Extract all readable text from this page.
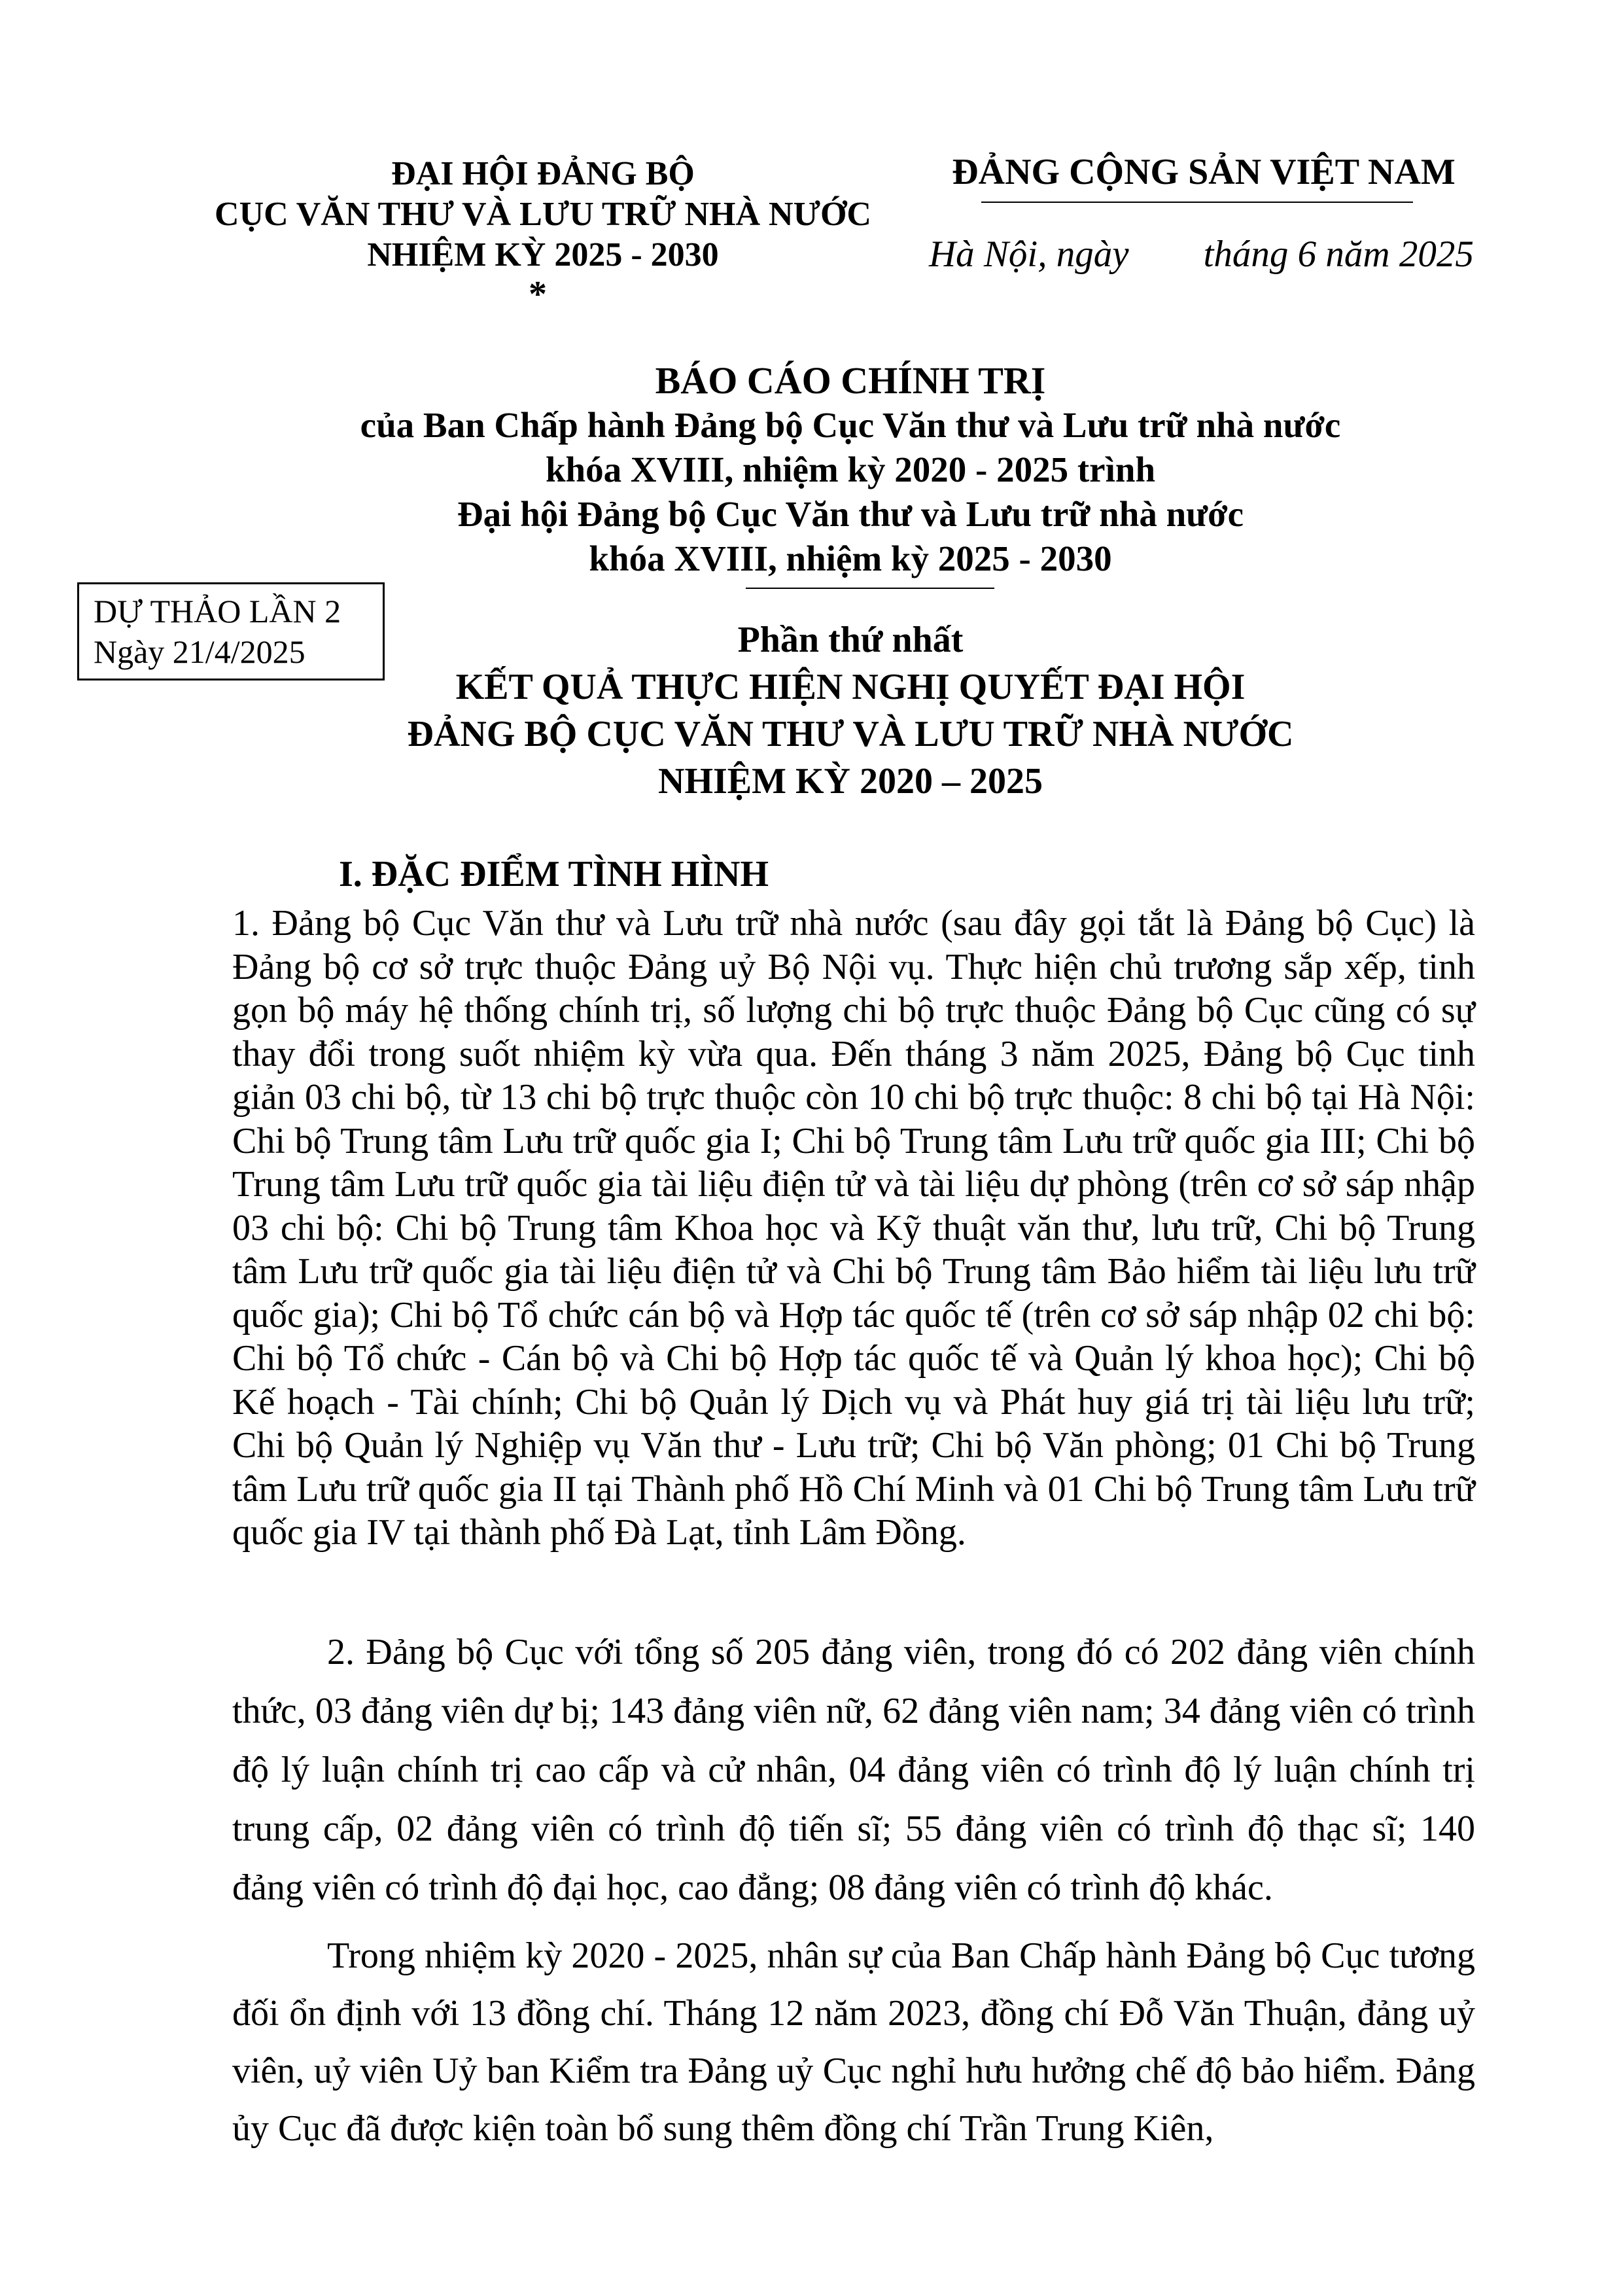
ĐẠI HỘI ĐẢNG BỘ
CỤC VĂN THƯ VÀ LƯU TRỮ NHÀ NƯỚC
NHIỆM KỲ 2025 - 2030
*
ĐẢNG CỘNG SẢN VIỆT NAM
Hà Nội, ngày        tháng 6 năm 2025
BÁO CÁO CHÍNH TRỊ
của Ban Chấp hành Đảng bộ Cục Văn thư và Lưu trữ nhà nước
khóa XVIII, nhiệm kỳ 2020 - 2025 trình
Đại hội Đảng bộ Cục Văn thư và Lưu trữ nhà nước
khóa XVIII, nhiệm kỳ 2025 - 2030
DỰ THẢO LẦN 2
Ngày 21/4/2025	Phần thứ nhất
KẾT QUẢ THỰC HIỆN NGHỊ QUYẾT ĐẠI HỘI
ĐẢNG BỘ CỤC VĂN THƯ VÀ LƯU TRỮ NHÀ NƯỚC
NHIỆM KỲ 2020 – 2025
I. ĐẶC ĐIỂM TÌNH HÌNH
1. Đảng bộ Cục Văn thư và Lưu trữ nhà nước (sau đây gọi tắt là Đảng bộ Cục) là Đảng bộ cơ sở trực thuộc Đảng uỷ Bộ Nội vụ. Thực hiện chủ trương sắp xếp, tinh gọn bộ máy hệ thống chính trị, số lượng chi bộ trực thuộc Đảng bộ Cục cũng có sự thay đổi trong suốt nhiệm kỳ vừa qua. Đến tháng 3 năm 2025, Đảng bộ Cục tinh giản 03 chi bộ, từ 13 chi bộ trực thuộc còn 10 chi bộ trực thuộc: 8 chi bộ tại Hà Nội: Chi bộ Trung tâm Lưu trữ quốc gia I; Chi bộ Trung tâm Lưu trữ quốc gia III; Chi bộ Trung tâm Lưu trữ quốc gia tài liệu điện tử và tài liệu dự phòng (trên cơ sở sáp nhập 03 chi bộ: Chi bộ Trung tâm Khoa học và Kỹ thuật văn thư, lưu trữ, Chi bộ Trung tâm Lưu trữ quốc gia tài liệu điện tử và Chi bộ Trung tâm Bảo hiểm tài liệu lưu trữ quốc gia); Chi bộ Tổ chức cán bộ và Hợp tác quốc tế (trên cơ sở sáp nhập 02 chi bộ: Chi bộ Tổ chức - Cán bộ và Chi bộ Hợp tác quốc tế và Quản lý khoa học); Chi bộ Kế hoạch - Tài chính; Chi bộ Quản lý Dịch vụ và Phát huy giá trị tài liệu lưu trữ; Chi bộ Quản lý Nghiệp vụ Văn thư - Lưu trữ; Chi bộ Văn phòng; 01 Chi bộ Trung tâm Lưu trữ quốc gia II tại Thành phố Hồ Chí Minh và 01 Chi bộ Trung tâm Lưu trữ quốc gia IV tại thành phố Đà Lạt, tỉnh Lâm Đồng.
2. Đảng bộ Cục với tổng số 205 đảng viên, trong đó có 202 đảng viên chính thức, 03 đảng viên dự bị; 143 đảng viên nữ, 62 đảng viên nam; 34 đảng viên có trình độ lý luận chính trị cao cấp và cử nhân, 04 đảng viên có trình độ lý luận chính trị trung cấp, 02 đảng viên có trình độ tiến sĩ; 55 đảng viên có trình độ thạc sĩ; 140 đảng viên có trình độ đại học, cao đẳng; 08 đảng viên có trình độ khác.
Trong nhiệm kỳ 2020 - 2025, nhân sự của Ban Chấp hành Đảng bộ Cục tương đối ổn định với 13 đồng chí. Tháng 12 năm 2023, đồng chí Đỗ Văn Thuận, đảng uỷ viên, uỷ viên Uỷ ban Kiểm tra Đảng uỷ Cục nghỉ hưu hưởng chế độ bảo hiểm. Đảng ủy Cục đã được kiện toàn bổ sung thêm đồng chí Trần Trung Kiên,
